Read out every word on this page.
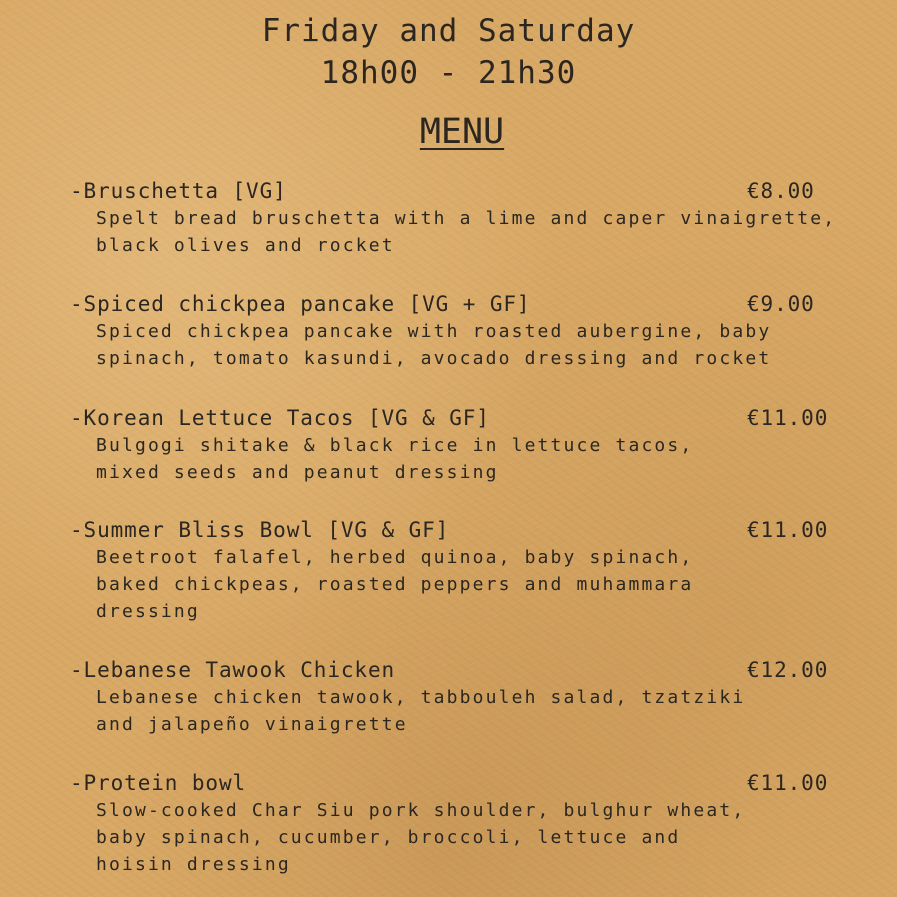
Friday and Saturday
18h00 - 21h30
MENU
-Bruschetta [VG]	€8.00
Spelt bread bruschetta with a lime and caper vinaigrette,
black olives and rocket
-Spiced chickpea pancake [VG + GF]	€9.00
Spiced chickpea pancake with roasted aubergine, baby
spinach, tomato kasundi, avocado dressing and rocket
-Korean Lettuce Tacos [VG & GF]	€11.00
Bulgogi shitake & black rice in lettuce tacos,
mixed seeds and peanut dressing
-Summer Bliss Bowl [VG & GF]	€11.00
Beetroot falafel, herbed quinoa, baby spinach,
baked chickpeas, roasted peppers and muhammara
dressing
-Lebanese Tawook Chicken	€12.00
Lebanese chicken tawook, tabbouleh salad, tzatziki
and jalapeño vinaigrette
-Protein bowl	€11.00
Slow-cooked Char Siu pork shoulder, bulghur wheat,
baby spinach, cucumber, broccoli, lettuce and
hoisin dressing
